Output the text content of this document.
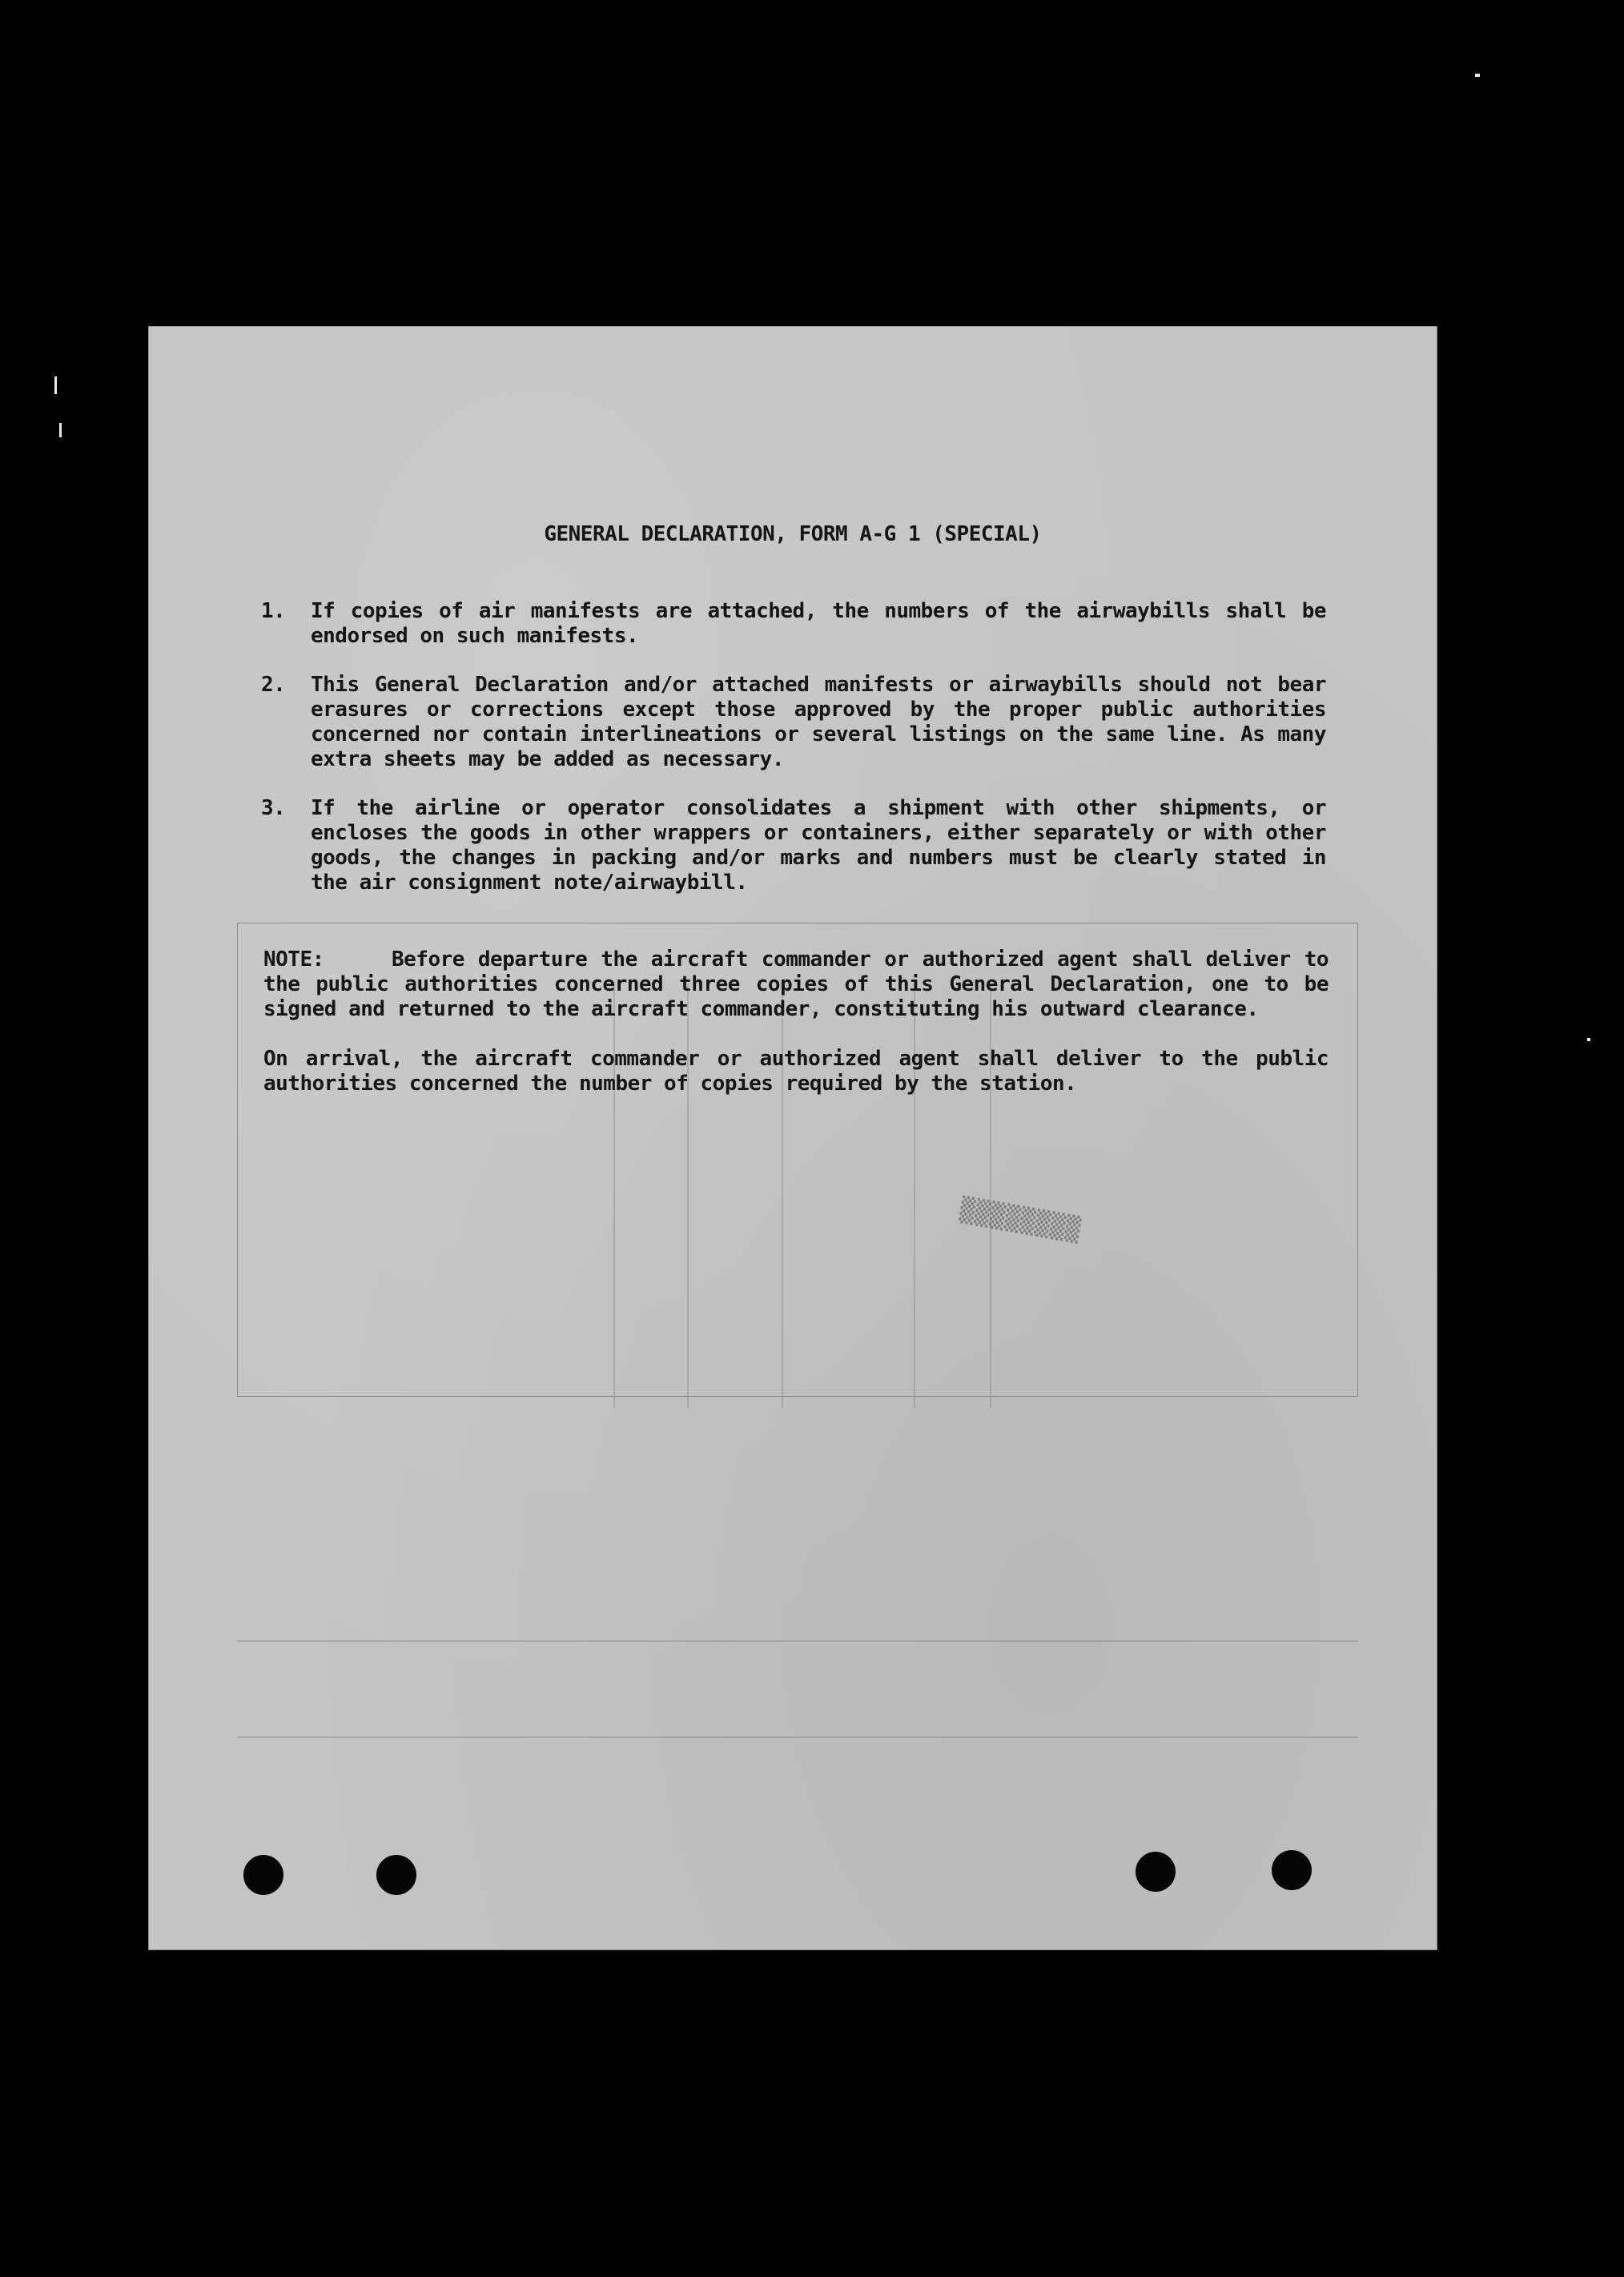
GENERAL DECLARATION, FORM A-G 1 (SPECIAL)
1.	If copies of air manifests are attached, the numbers of the airwaybills shall be endorsed on such manifests.
2.	This General Declaration and/or attached manifests or airwaybills should not bear erasures or corrections except those approved by the proper public authorities concerned nor contain interlineations or several listings on the same line. As many extra sheets may be added as necessary.
3.	If the airline or operator consolidates a shipment with other shipments, or encloses the goods in other wrappers or containers, either separately or with other goods, the changes in packing and/or marks and numbers must be clearly stated in the air consignment note/airwaybill.

NOTE:	Before departure the aircraft commander or authorized agent shall deliver to the public authorities concerned three copies of this General Declaration, one to be signed and returned to the aircraft commander, constituting his outward clearance.

On arrival, the aircraft commander or authorized agent shall deliver to the public authorities concerned the number of copies required by the station.

▒▒▒▒▒▒▒▒
